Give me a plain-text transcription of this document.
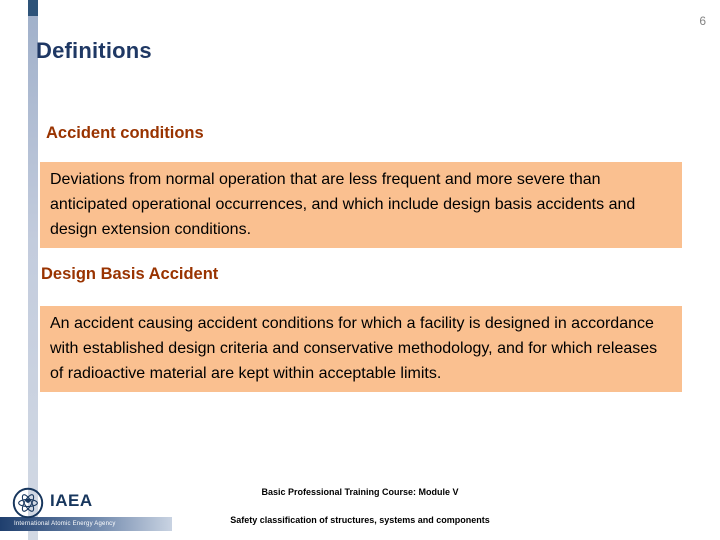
6
Definitions
Accident conditions
Deviations from normal operation that are less frequent and more severe than anticipated operational occurrences, and which include design basis accidents and design extension conditions.
Design Basis Accident
An accident causing accident conditions for which a facility is designed in accordance with established design criteria and conservative methodology, and for which releases of radioactive material are kept within acceptable limits.
Basic Professional Training Course: Module V
Safety classification of structures, systems and components
IAEA
International Atomic Energy Agency
